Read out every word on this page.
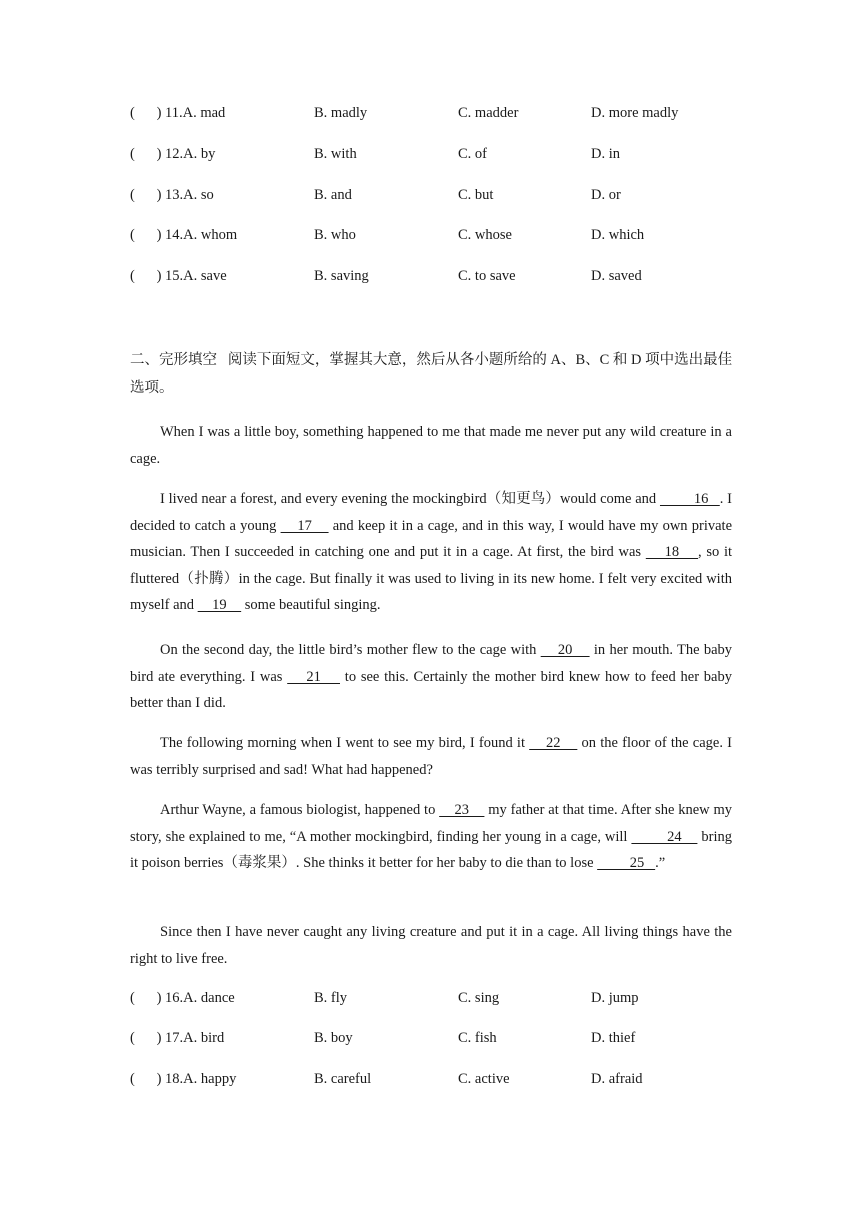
(      ) 11.A. mad	B. madly	C. madder	D. more madly
(      ) 12.A. by	B. with	C. of	D. in
(      ) 13.A. so	B. and	C. but	D. or
(      ) 14.A. whom	B. who	C. whose	D. which
(      ) 15.A. save	B. saving	C. to save	D. saved

二、完形填空   阅读下面短文，掌握其大意，然后从各小题所给的 A、B、C 和 D 项中选出最佳选项。

When I was a little boy, something happened to me that made me never put any wild creature in a cage.

I lived near a forest, and every evening the mockingbird（知更鸟）would come and          16   . I decided to catch a young     17     and keep it in a cage, and in this way, I would have my own private musician. Then I succeeded in catching one and put it in a cage. At first, the bird was     18    , so it fluttered（扑腾）in the cage. But finally it was used to living in its new home. I felt very excited with myself and     19     some beautiful singing.

On the second day, the little bird’s mother flew to the cage with     20     in her mouth. The baby bird ate everything. I was     21     to see this. Certainly the mother bird knew how to feed her baby better than I did.

The following morning when I went to see my bird, I found it     22     on the floor of the cage. I was terribly surprised and sad! What had happened?

Arthur Wayne, a famous biologist, happened to     23     my father at that time. After she knew my story, she explained to me, “A mother mockingbird, finding her young in a cage, will          24     bring it poison berries（毒浆果）. She thinks it better for her baby to die than to lose          25   .”

Since then I have never caught any living creature and put it in a cage. All living things have the right to live free.

(      ) 16.A. dance	B. fly	C. sing	D. jump
(      ) 17.A. bird	B. boy	C. fish	D. thief
(      ) 18.A. happy	B. careful	C. active	D. afraid
